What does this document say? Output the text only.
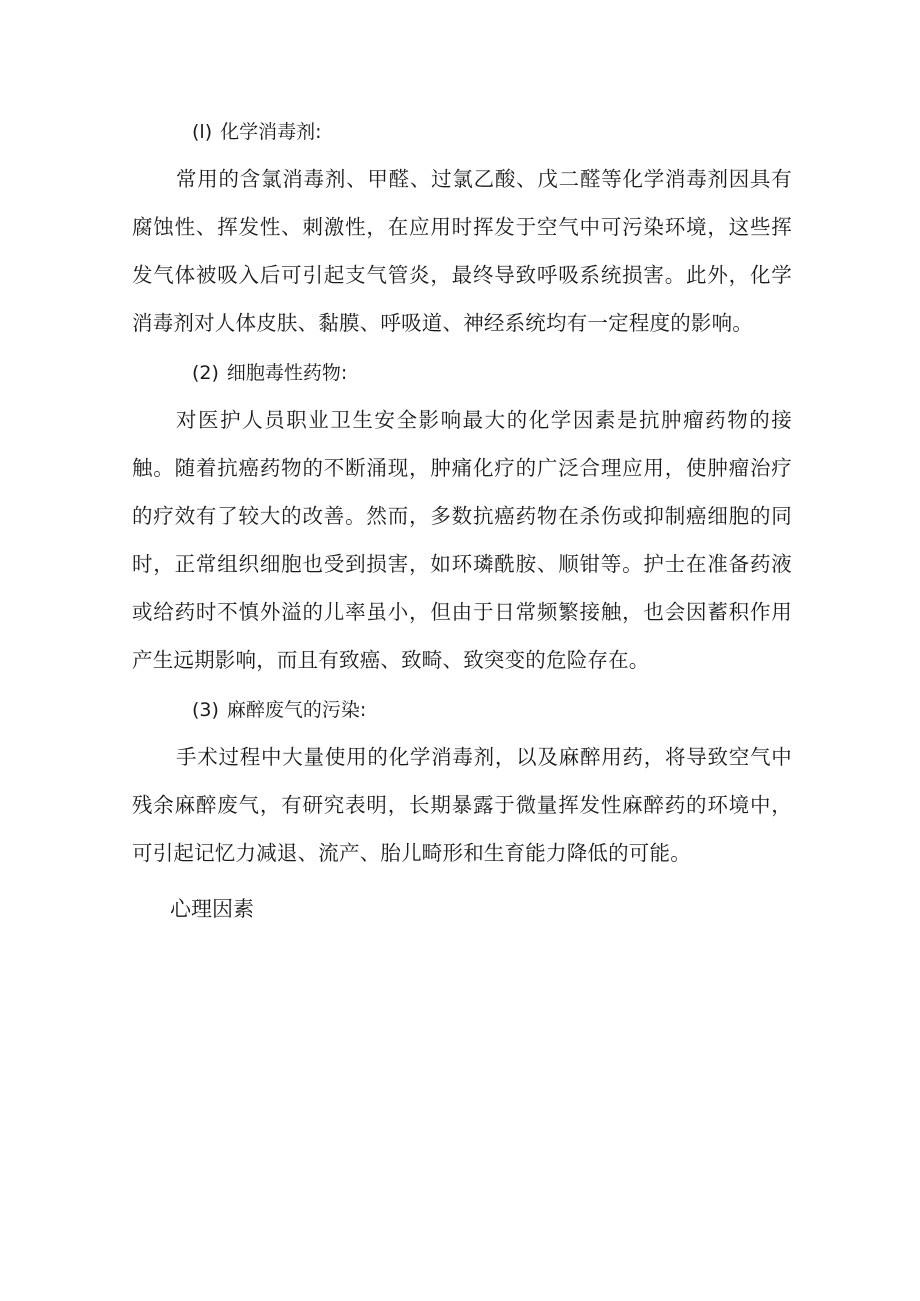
(l) 化学消毒剂:

常用的含氯消毒剂、甲醛、过氯乙酸、戊二醛等化学消毒剂因具有腐蚀性、挥发性、刺激性，在应用时挥发于空气中可污染环境，这些挥发气体被吸入后可引起支气管炎，最终导致呼吸系统损害。此外，化学消毒剂对人体皮肤、黏膜、呼吸道、神经系统均有一定程度的影响。

(2) 细胞毒性药物:

对医护人员职业卫生安全影响最大的化学因素是抗肿瘤药物的接触。随着抗癌药物的不断涌现，肿痛化疗的广泛合理应用，使肿瘤治疗的疗效有了较大的改善。然而，多数抗癌药物在杀伤或抑制癌细胞的同时，正常组织细胞也受到损害，如环璘酰胺、顺钳等。护士在准备药液或给药时不慎外溢的儿率虽小，但由于日常频繁接触，也会因蓄积作用产生远期影响，而且有致癌、致畸、致突变的危险存在。

(3) 麻醉废气的污染:

手术过程中大量使用的化学消毒剂，以及麻醉用药，将导致空气中残余麻醉废气，有研究表明，长期暴露于微量挥发性麻醉药的环境中，可引起记忆力减退、流产、胎儿畸形和生育能力降低的可能。

心理因素
